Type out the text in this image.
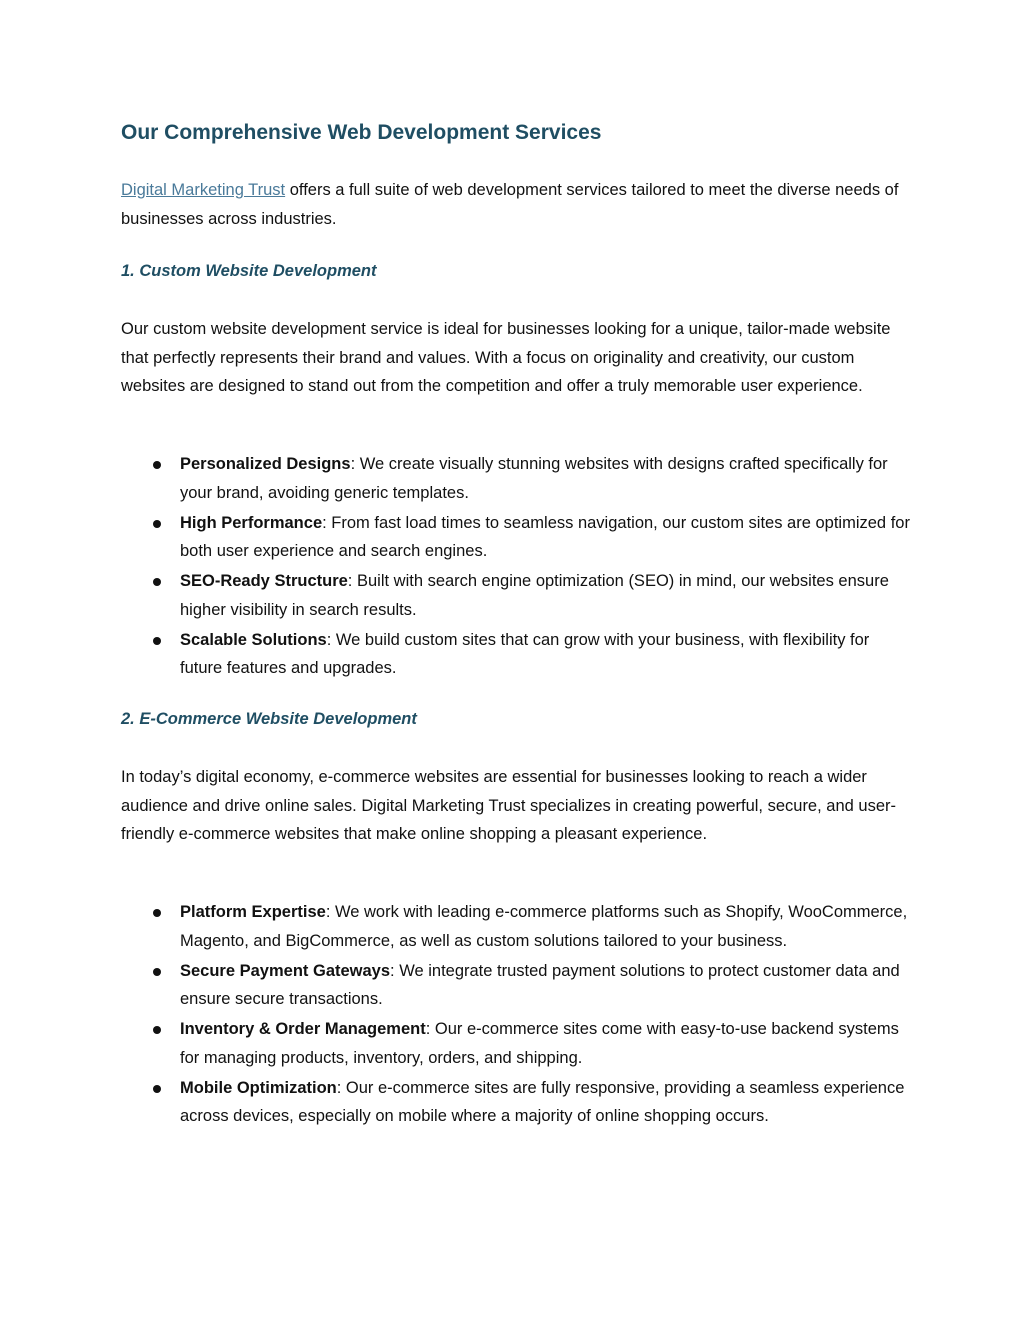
Our Comprehensive Web Development Services

Digital Marketing Trust offers a full suite of web development services tailored to meet the diverse needs of businesses across industries.

1. Custom Website Development

Our custom website development service is ideal for businesses looking for a unique, tailor-made website that perfectly represents their brand and values. With a focus on originality and creativity, our custom websites are designed to stand out from the competition and offer a truly memorable user experience.

Personalized Designs: We create visually stunning websites with designs crafted specifically for your brand, avoiding generic templates.
High Performance: From fast load times to seamless navigation, our custom sites are optimized for both user experience and search engines.
SEO-Ready Structure: Built with search engine optimization (SEO) in mind, our websites ensure higher visibility in search results.
Scalable Solutions: We build custom sites that can grow with your business, with flexibility for future features and upgrades.
2. E-Commerce Website Development

In today’s digital economy, e-commerce websites are essential for businesses looking to reach a wider audience and drive online sales. Digital Marketing Trust specializes in creating powerful, secure, and user-friendly e-commerce websites that make online shopping a pleasant experience.

Platform Expertise: We work with leading e-commerce platforms such as Shopify, WooCommerce, Magento, and BigCommerce, as well as custom solutions tailored to your business.
Secure Payment Gateways: We integrate trusted payment solutions to protect customer data and ensure secure transactions.
Inventory & Order Management: Our e-commerce sites come with easy-to-use backend systems for managing products, inventory, orders, and shipping.
Mobile Optimization: Our e-commerce sites are fully responsive, providing a seamless experience across devices, especially on mobile where a majority of online shopping occurs.
